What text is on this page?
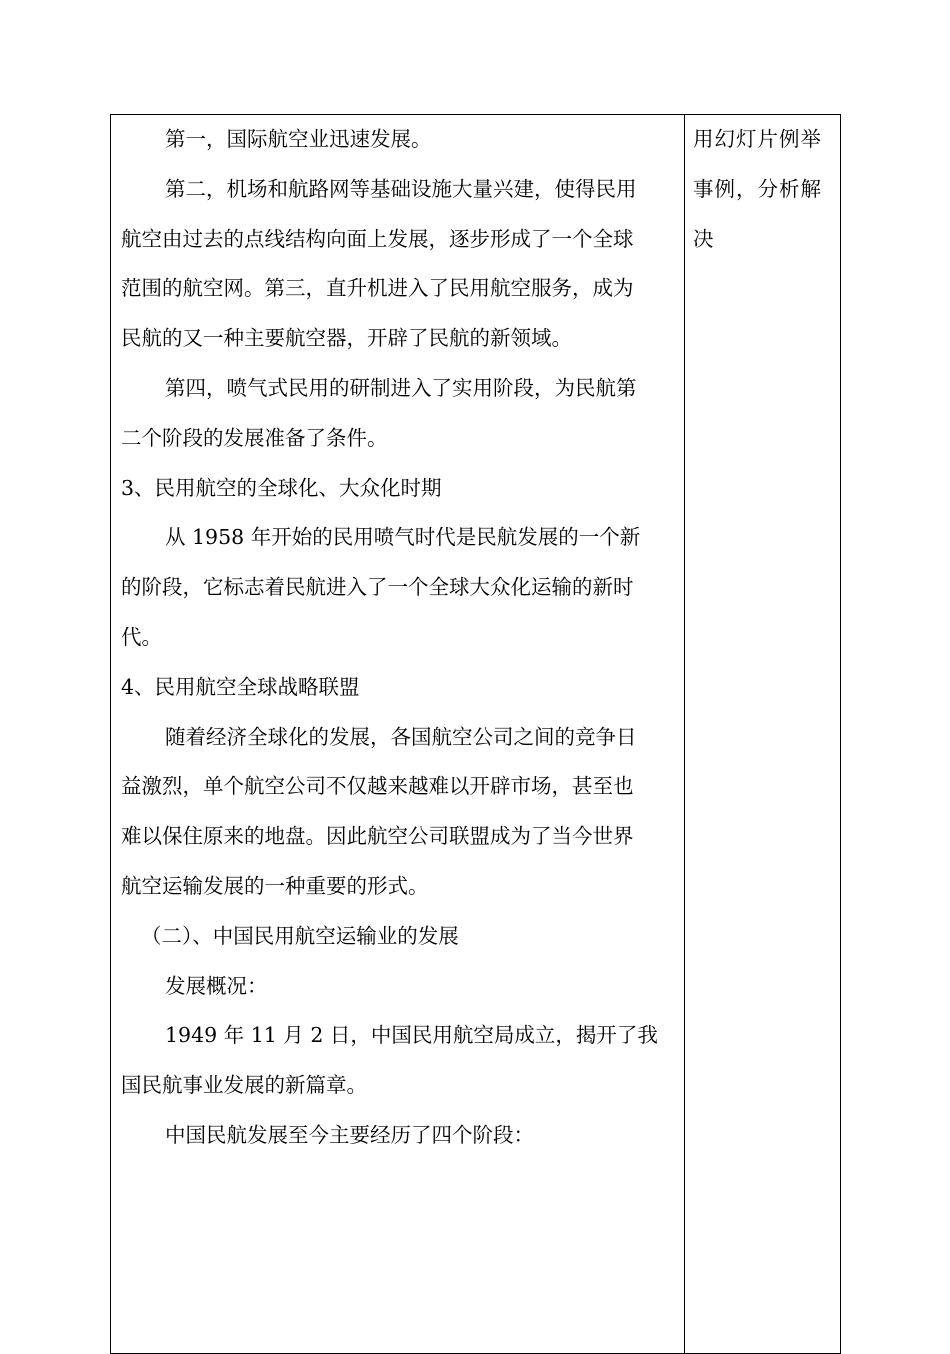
第一，国际航空业迅速发展。

第二，机场和航路网等基础设施大量兴建，使得民用

航空由过去的点线结构向面上发展，逐步形成了一个全球

范围的航空网。第三，直升机进入了民用航空服务，成为

民航的又一种主要航空器，开辟了民航的新领域。

第四，喷气式民用的研制进入了实用阶段，为民航第

二个阶段的发展准备了条件。

3、民用航空的全球化、大众化时期

从 1958 年开始的民用喷气时代是民航发展的一个新

的阶段，它标志着民航进入了一个全球大众化运输的新时

代。

4、民用航空全球战略联盟

随着经济全球化的发展，各国航空公司之间的竞争日

益激烈，单个航空公司不仅越来越难以开辟市场，甚至也

难以保住原来的地盘。因此航空公司联盟成为了当今世界

航空运输发展的一种重要的形式。

（二）、中国民用航空运输业的发展

发展概况：

1949 年 11 月 2 日，中国民用航空局成立，揭开了我

国民航事业发展的新篇章。

中国民航发展至今主要经历了四个阶段：

用幻灯片例举事例，分析解决
